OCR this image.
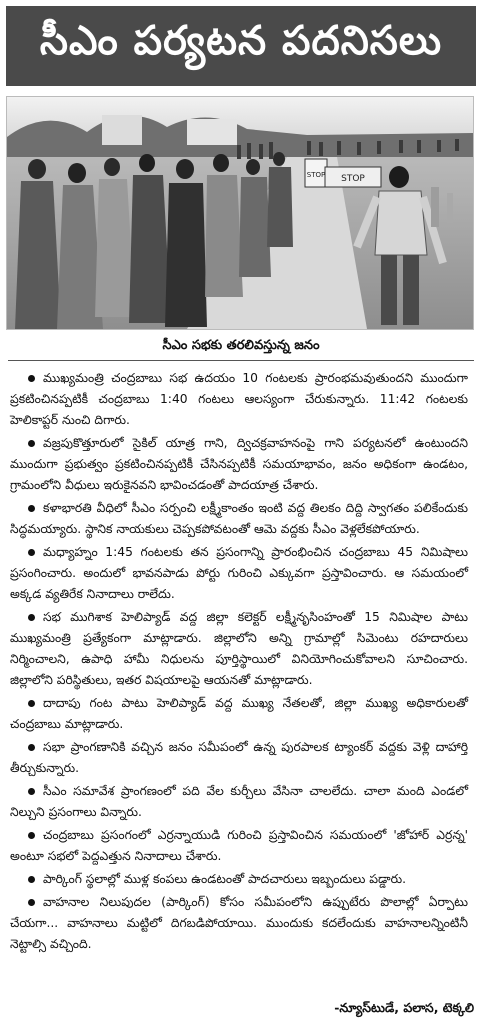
సీఎం పర్యటన పదనిసలు
STOP STOP
సీఎం సభకు తరలివస్తున్న జనం

ముఖ్యమంత్రి చంద్రబాబు సభ ఉదయం 10 గంటలకు ప్రారంభమవుతుందని ముందుగా ప్రకటించినప్పటికీ చంద్రబాబు 1:40 గంటలు ఆలస్యంగా చేరుకున్నారు. 11:42 గంటలకు హెలికాప్టర్ నుంచి దిగారు.

వజ్రపుకొత్తూరులో సైకిల్ యాత్ర గాని, ద్విచక్రవాహనంపై గాని పర్యటనలో ఉంటుందని ముందుగా ప్రభుత్వం ప్రకటించినప్పటికీ చేసినప్పటికీ సమయాభావం, జనం అధికంగా ఉండటం, గ్రామంలోని వీధులు ఇరుకైనవని భావించడంతో పాదయాత్ర చేశారు.

కళాభారతి వీధిలో సీఎం సర్పంచి లక్ష్మీకాంతం ఇంటి వద్ద తిలకం దిద్ది స్వాగతం పలికేందుకు సిద్ధమయ్యారు. స్థానిక నాయకులు చెప్పకపోవటంతో ఆమె వద్దకు సీఎం వెళ్లలేకపోయారు.

మధ్యాహ్నం 1:45 గంటలకు తన ప్రసంగాన్ని ప్రారంభించిన చంద్రబాబు 45 నిమిషాలు ప్రసంగించారు. అందులో భావనపాడు పోర్టు గురించి ఎక్కువగా ప్రస్తావించారు. ఆ సమయంలో అక్కడ వ్యతిరేక నినాదాలు రాలేదు.

సభ ముగిశాక హెలిప్యాడ్ వద్ద జిల్లా కలెక్టర్ లక్ష్మీనృసింహంతో 15 నిమిషాల పాటు ముఖ్యమంత్రి ప్రత్యేకంగా మాట్లాడారు. జిల్లాలోని అన్ని గ్రామాల్లో సిమెంటు రహదారులు నిర్మించాలని, ఉపాధి హామీ నిధులను పూర్తిస్థాయిలో వినియోగించుకోవాలని సూచించారు. జిల్లాలోని పరిస్థితులు, ఇతర విషయాలపై ఆయనతో మాట్లాడారు.

దాదాపు గంట పాటు హెలిప్యాడ్ వద్ద ముఖ్య నేతలతో, జిల్లా ముఖ్య అధికారులతో చంద్రబాబు మాట్లాడారు.

సభా ప్రాంగణానికి వచ్చిన జనం సమీపంలో ఉన్న పురపాలక ట్యాంకర్ వద్దకు వెళ్లి దాహార్తి తీర్చుకున్నారు.

సీఎం సమావేశ ప్రాంగణంలో పది వేల కుర్చీలు వేసినా చాలలేదు. చాలా మంది ఎండలో నిల్చుని ప్రసంగాలు విన్నారు.

చంద్రబాబు ప్రసంగంలో ఎర్రన్నాయుడి గురించి ప్రస్తావించిన సమయంలో 'జోహార్ ఎర్రన్న' అంటూ సభలో పెద్దఎత్తున నినాదాలు చేశారు.

పార్కింగ్ స్థలాల్లో ముళ్ల కంపలు ఉండటంతో పాదచారులు ఇబ్బందులు పడ్డారు.

వాహనాల నిలుపుదల (పార్కింగ్) కోసం సమీపంలోని ఉప్పుటేరు పొలాల్లో ఏర్పాటు చేయగా... వాహనాలు మట్టిలో దిగబడిపోయాయి. ముందుకు కదలేందుకు వాహనాలన్నింటినీ నెట్టాల్సి వచ్చింది.

-న్యూస్‌టుడే, పలాస, టెక్కలి
